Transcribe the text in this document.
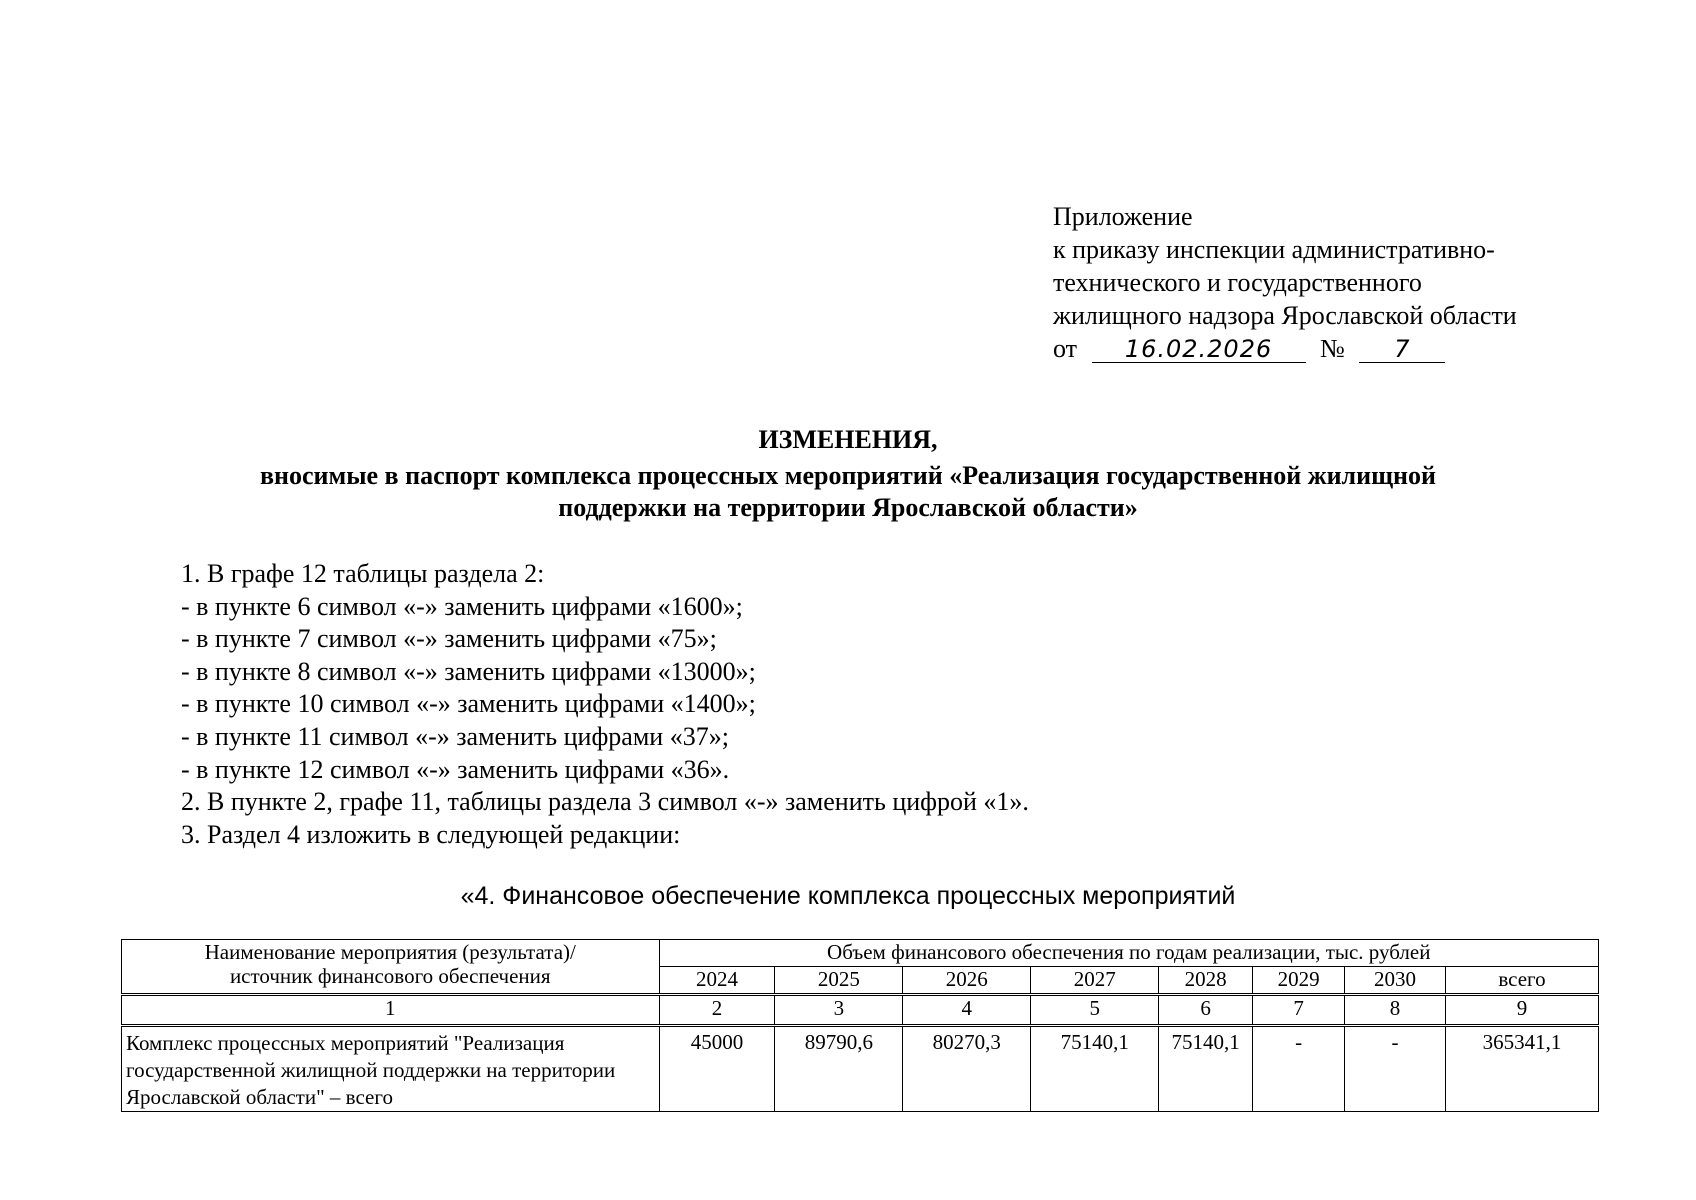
Приложение
к приказу инспекции административно-
технического и государственного
жилищного надзора Ярославской области
от 16.02.2026 № 7
ИЗМЕНЕНИЯ,
вносимые в паспорт комплекса процессных мероприятий «Реализация государственной жилищной
поддержки на территории Ярославской области»
1. В графе 12 таблицы раздела 2:
- в пункте 6 символ «-» заменить цифрами «1600»;
- в пункте 7 символ «-» заменить цифрами «75»;
- в пункте 8 символ «-» заменить цифрами «13000»;
- в пункте 10 символ «-» заменить цифрами «1400»;
- в пункте 11 символ «-» заменить цифрами «37»;
- в пункте 12 символ «-» заменить цифрами «36».
2. В пункте 2, графе 11, таблицы раздела 3 символ «-» заменить цифрой «1».
3. Раздел 4 изложить в следующей редакции:
«4. Финансовое обеспечение комплекса процессных мероприятий
Наименование мероприятия (результата)/
источник финансового обеспечения	Объем финансового обеспечения по годам реализации, тыс. рублей							
	2024	2025	2026	2027	2028	2029	2030	всего
1	2	3	4	5	6	7	8	9
Комплекс процессных мероприятий "Реализация государственной жилищной поддержки на территории Ярославской области" – всего	45000	89790,6	80270,3	75140,1	75140,1	-	-	365341,1
